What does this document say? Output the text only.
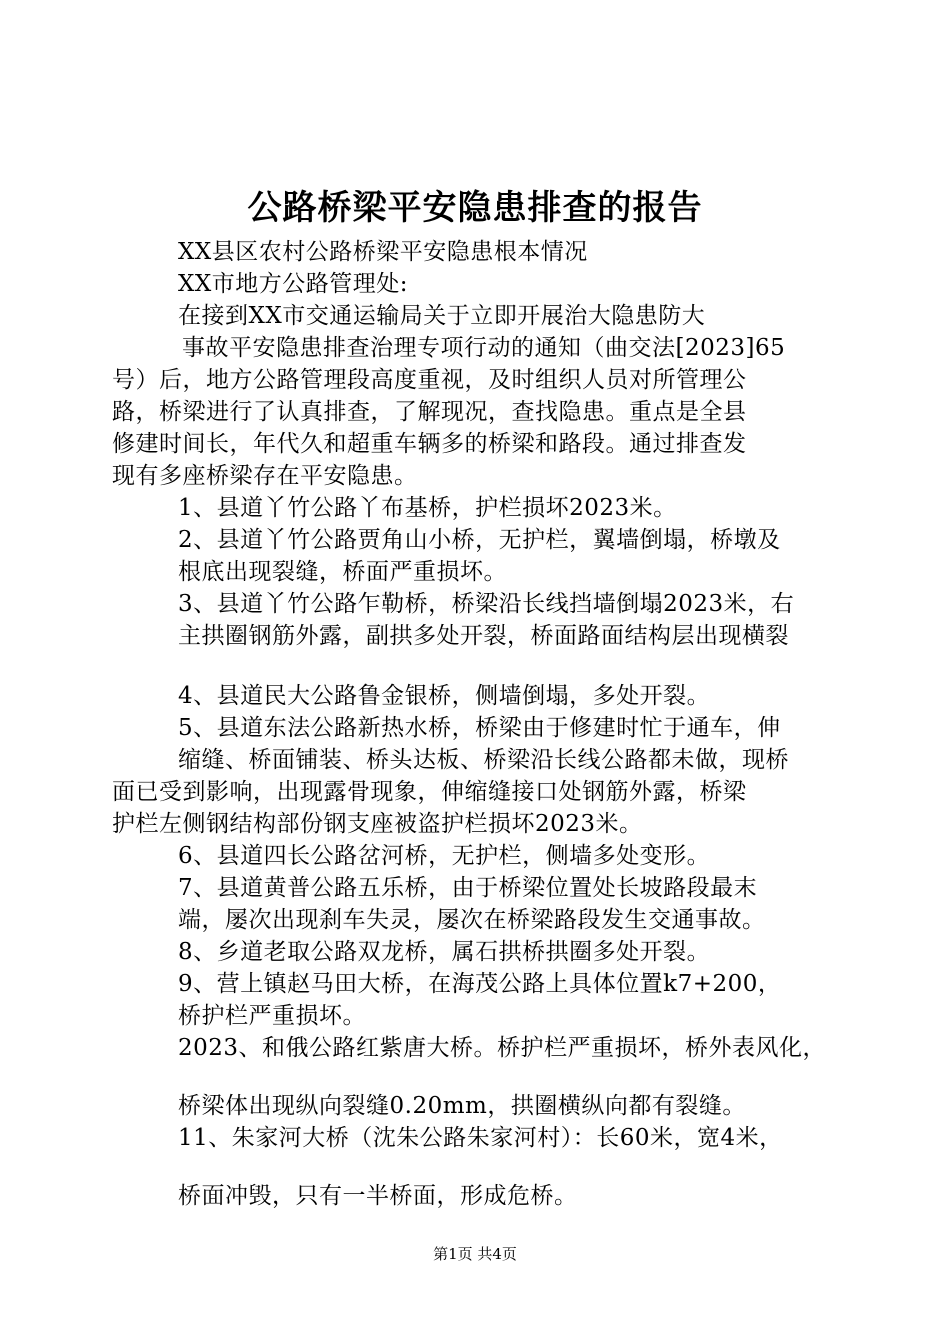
公路桥梁平安隐患排查的报告
XX县区农村公路桥梁平安隐患根本情况
XX市地方公路管理处:
在接到XX市交通运输局关于立即开展治大隐患防大
事故平安隐患排查治理专项行动的通知（曲交法[2023]65
号）后，地方公路管理段高度重视，及时组织人员对所管理公
路，桥梁进行了认真排查，了解现况，查找隐患。重点是全县
修建时间长，年代久和超重车辆多的桥梁和路段。通过排查发
现有多座桥梁存在平安隐患。
1、县道丫竹公路丫布基桥，护栏损坏2023米。
2、县道丫竹公路贾角山小桥，无护栏，翼墙倒塌，桥墩及
根底出现裂缝，桥面严重损坏。
3、县道丫竹公路乍勒桥，桥梁沿长线挡墙倒塌2023米，右
主拱圈钢筋外露，副拱多处开裂，桥面路面结构层出现横裂
4、县道民大公路鲁金银桥，侧墙倒塌，多处开裂。
5、县道东法公路新热水桥，桥梁由于修建时忙于通车，伸
缩缝、桥面铺装、桥头达板、桥梁沿长线公路都未做，现桥
面已受到影响，出现露骨现象，伸缩缝接口处钢筋外露，桥梁
护栏左侧钢结构部份钢支座被盗护栏损坏2023米。
6、县道四长公路岔河桥，无护栏，侧墙多处变形。
7、县道黄普公路五乐桥，由于桥梁位置处长坡路段最末
端，屡次出现刹车失灵，屡次在桥梁路段发生交通事故。
8、乡道老取公路双龙桥，属石拱桥拱圈多处开裂。
9、营上镇赵马田大桥，在海茂公路上具体位置k7+200，
桥护栏严重损坏。
2023、和俄公路红紫唐大桥。桥护栏严重损坏，桥外表风化，
桥梁体出现纵向裂缝0.20mm，拱圈横纵向都有裂缝。
11、朱家河大桥（沈朱公路朱家河村）：长60米，宽4米，
桥面冲毁，只有一半桥面，形成危桥。
第1页 共4页
